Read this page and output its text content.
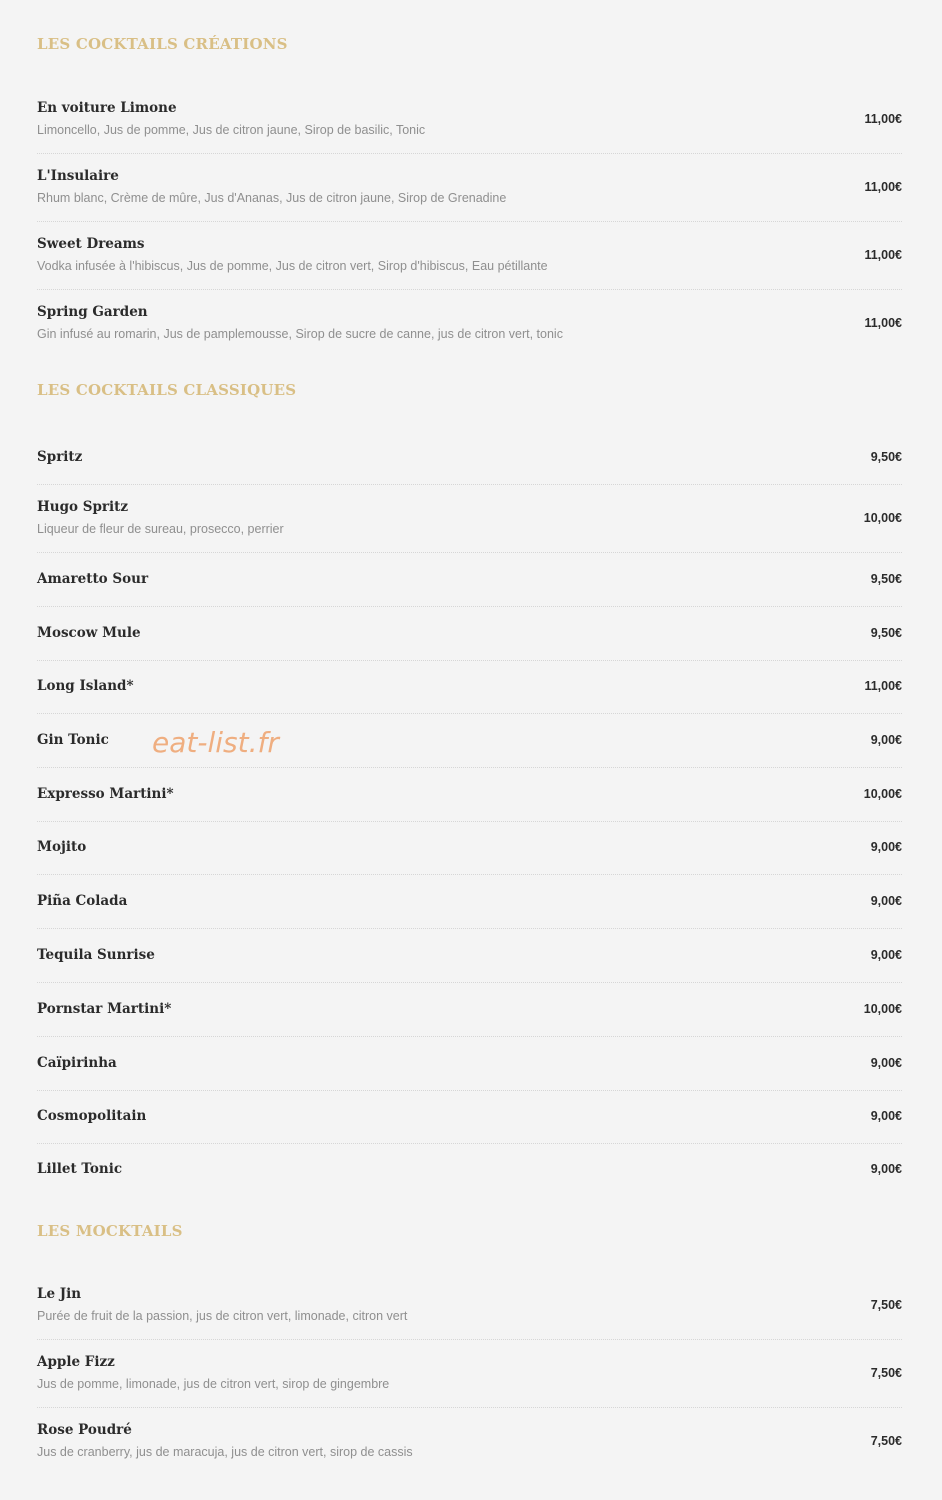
LES COCKTAILS CRÉATIONS
En voiture Limone
Limoncello, Jus de pomme, Jus de citron jaune, Sirop de basilic, Tonic
11,00€
L'Insulaire
Rhum blanc, Crème de mûre, Jus d'Ananas, Jus de citron jaune, Sirop de Grenadine
11,00€
Sweet Dreams
Vodka infusée à l'hibiscus, Jus de pomme, Jus de citron vert, Sirop d'hibiscus, Eau pétillante
11,00€
Spring Garden
Gin infusé au romarin, Jus de pamplemousse, Sirop de sucre de canne, jus de citron vert, tonic
11,00€
LES COCKTAILS CLASSIQUES
Spritz	9,50€
Hugo Spritz
Liqueur de fleur de sureau, prosecco, perrier
10,00€
Amaretto Sour	9,50€
Moscow Mule	9,50€
Long Island*	11,00€
Gin Tonic	9,00€
Expresso Martini*	10,00€
Mojito	9,00€
Piña Colada	9,00€
Tequila Sunrise	9,00€
Pornstar Martini*	10,00€
Caïpirinha	9,00€
Cosmopolitain	9,00€
Lillet Tonic	9,00€
LES MOCKTAILS
Le Jin
Purée de fruit de la passion, jus de citron vert, limonade, citron vert
7,50€
Apple Fizz
Jus de pomme, limonade, jus de citron vert, sirop de gingembre
7,50€
Rose Poudré
Jus de cranberry, jus de maracuja, jus de citron vert, sirop de cassis
7,50€
eat-list.fr
